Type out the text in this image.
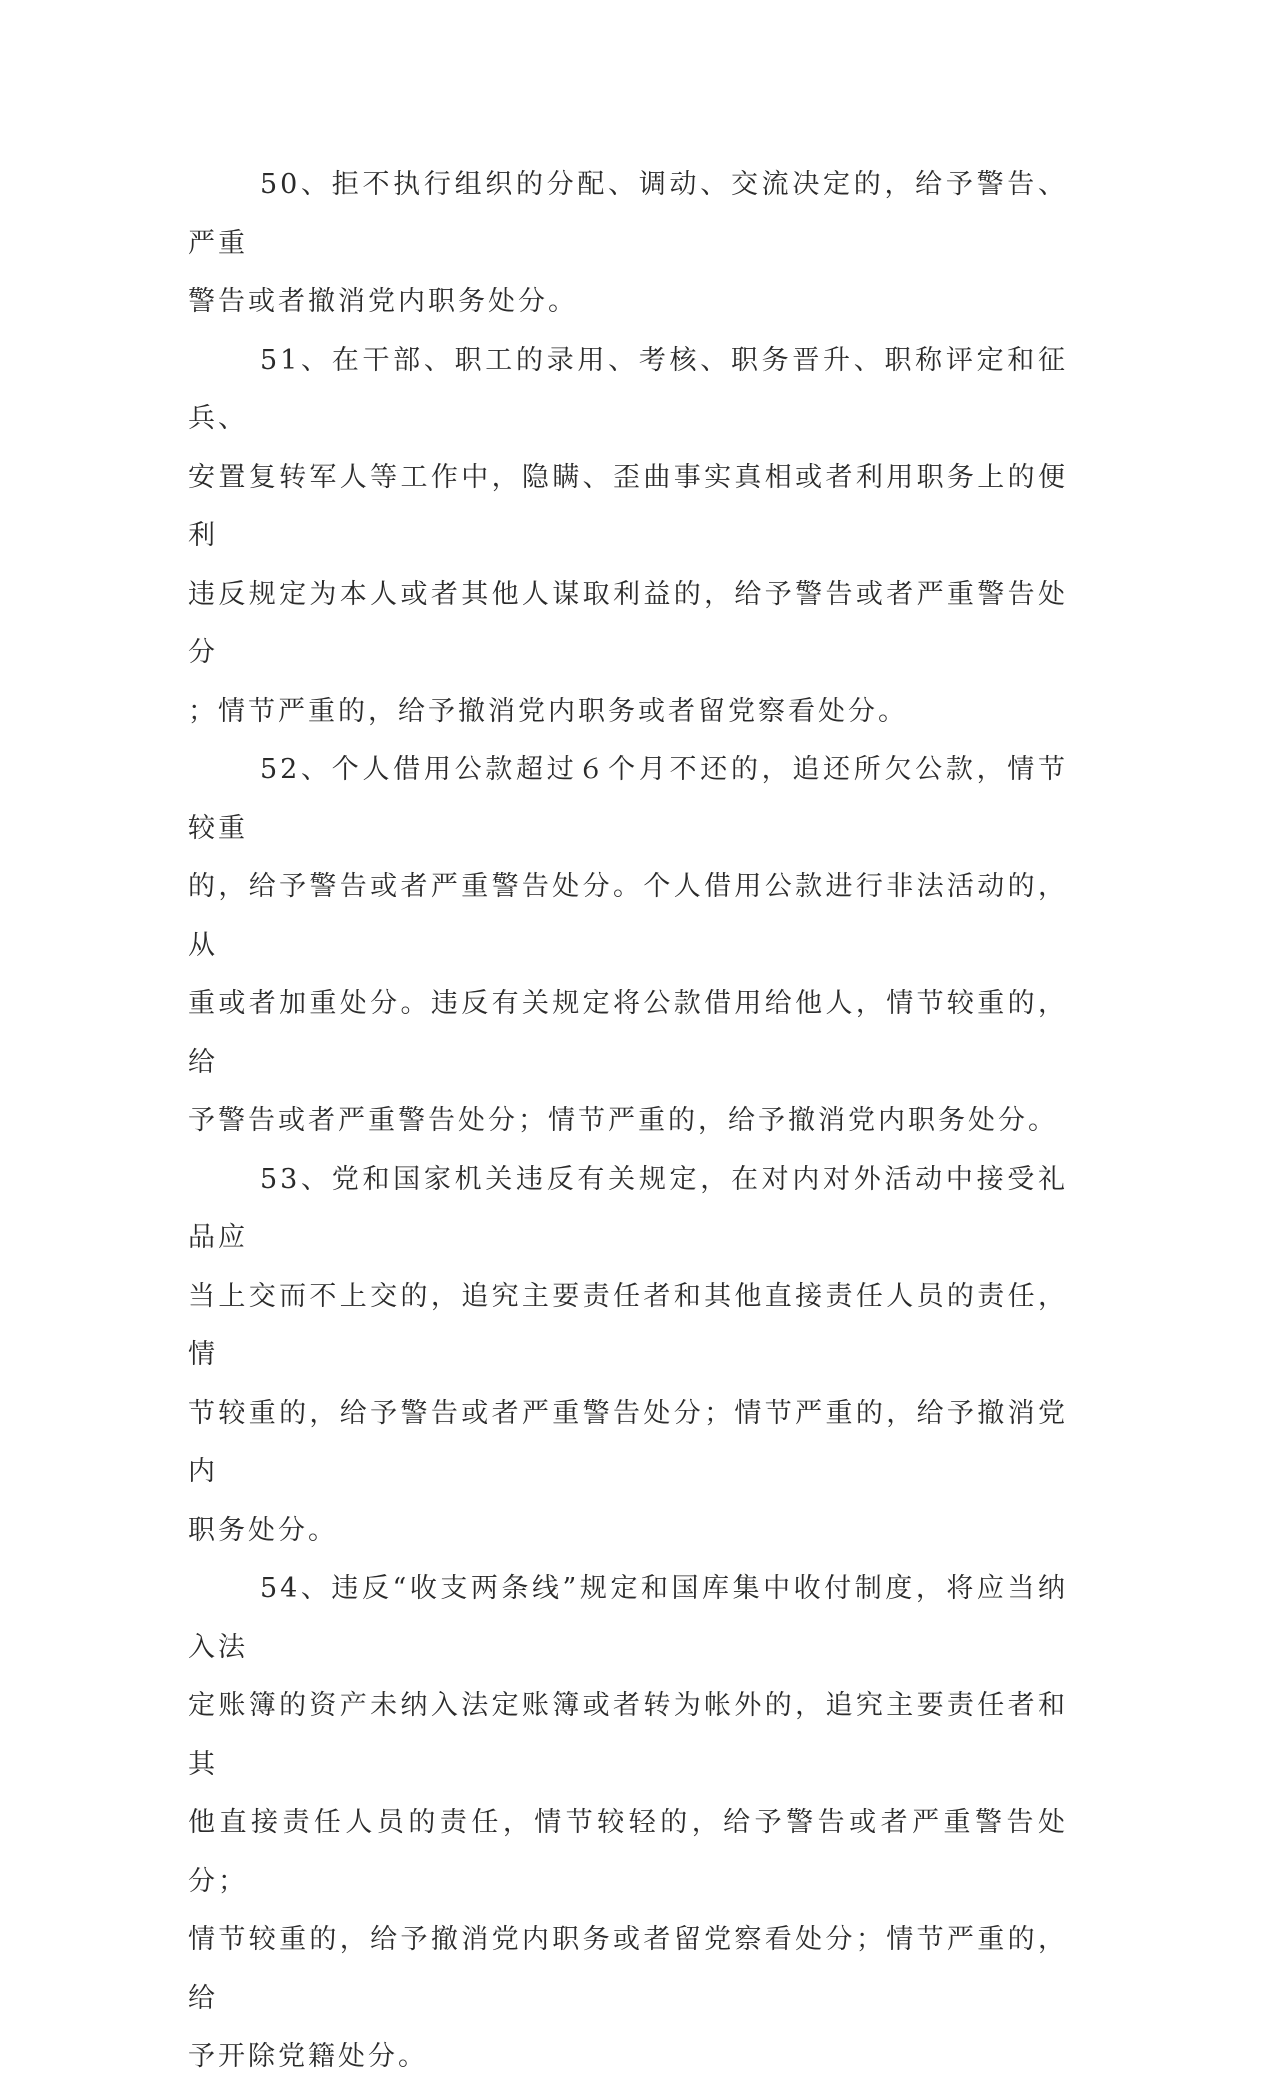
50、拒不执行组织的分配、调动、交流决定的，给予警告、严重
警告或者撤消党内职务处分。

51、在干部、职工的录用、考核、职务晋升、职称评定和征兵、
安置复转军人等工作中，隐瞒、歪曲事实真相或者利用职务上的便利
违反规定为本人或者其他人谋取利益的，给予警告或者严重警告处分
；情节严重的，给予撤消党内职务或者留党察看处分。

52、个人借用公款超过６个月不还的，追还所欠公款，情节较重
的，给予警告或者严重警告处分。个人借用公款进行非法活动的，从
重或者加重处分。违反有关规定将公款借用给他人，情节较重的，给
予警告或者严重警告处分；情节严重的，给予撤消党内职务处分。

53、党和国家机关违反有关规定，在对内对外活动中接受礼品应
当上交而不上交的，追究主要责任者和其他直接责任人员的责任，情
节较重的，给予警告或者严重警告处分；情节严重的，给予撤消党内
职务处分。

54、违反“收支两条线”规定和国库集中收付制度，将应当纳入法
定账簿的资产未纳入法定账簿或者转为帐外的，追究主要责任者和其
他直接责任人员的责任，情节较轻的，给予警告或者严重警告处分；
情节较重的，给予撤消党内职务或者留党察看处分；情节严重的，给
予开除党籍处分。
